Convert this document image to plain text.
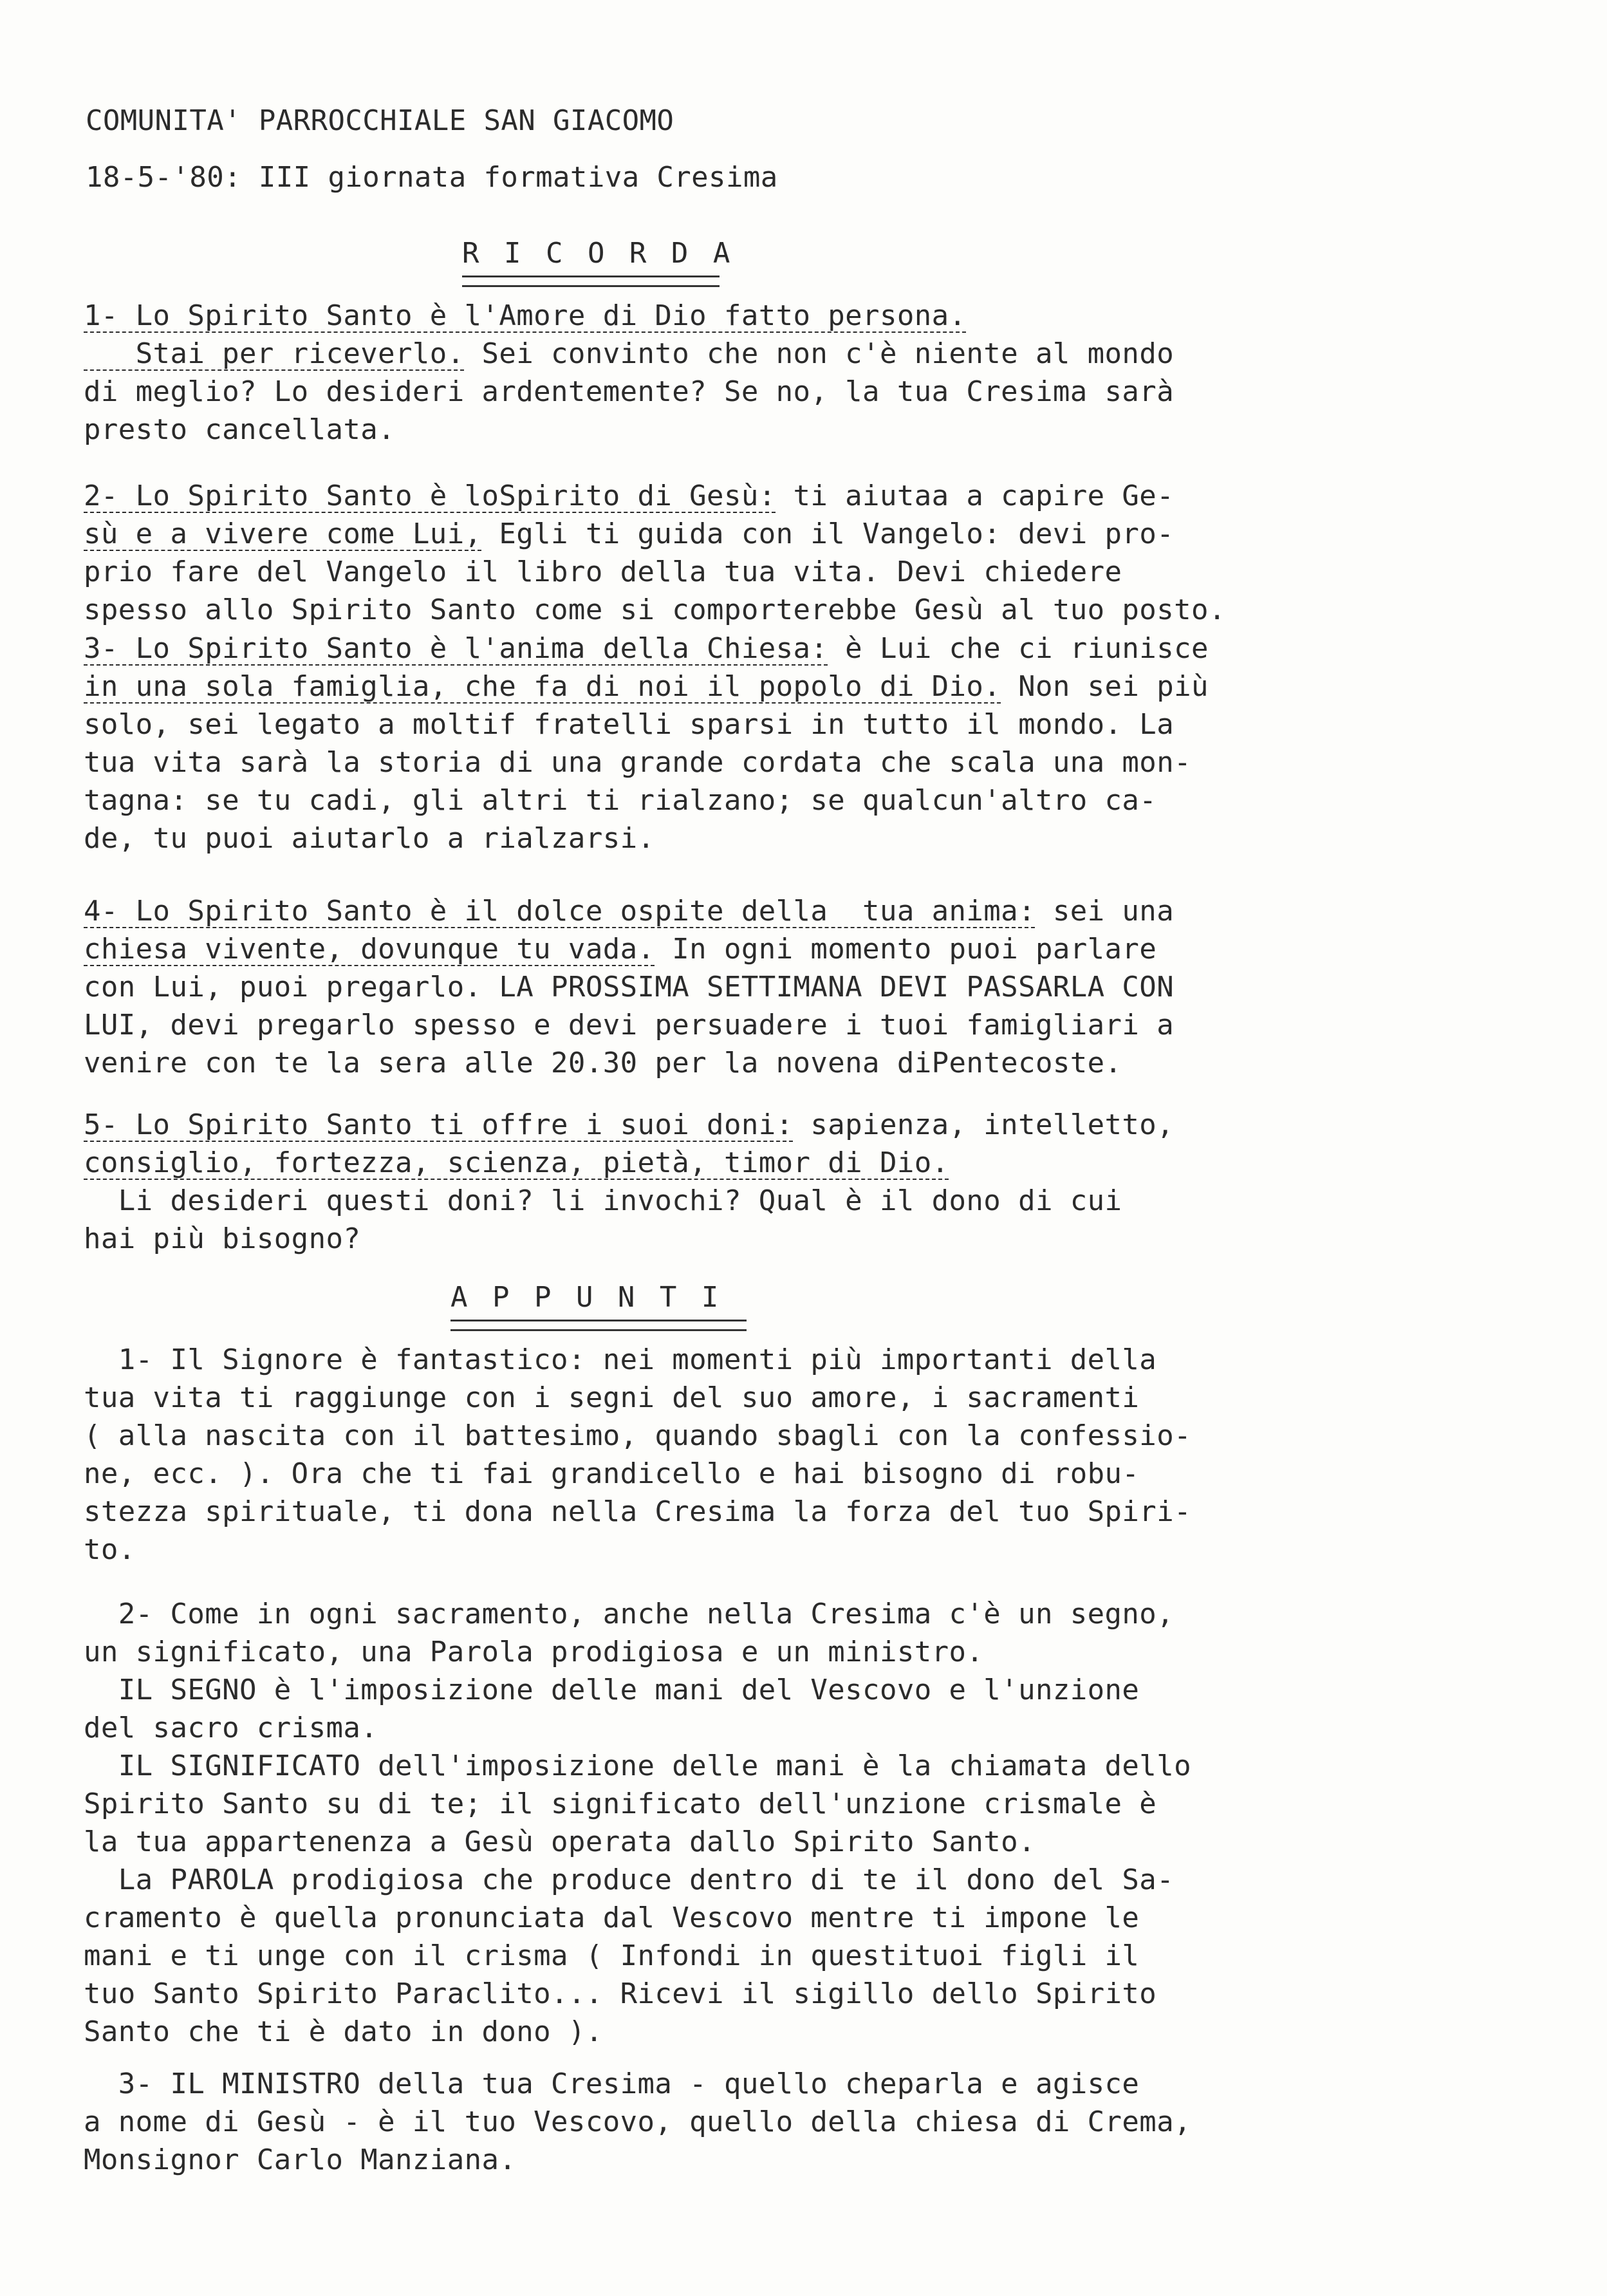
COMUNITA' PARROCCHIALE SAN GIACOMO
18-5-'80: III giornata formativa Cresima
R I C O R D A
1- Lo Spirito Santo è l'Amore di Dio fatto persona.
Stai per riceverlo. Sei convinto che non c'è niente al mondo
di meglio? Lo desideri ardentemente? Se no, la tua Cresima sarà
presto cancellata.
2- Lo Spirito Santo è loSpirito di Gesù: ti aiutaa a capire Ge-
sù e a vivere come Lui, Egli ti guida con il Vangelo: devi pro-
prio fare del Vangelo il libro della tua vita. Devi chiedere
spesso allo Spirito Santo come si comporterebbe Gesù al tuo posto.
3- Lo Spirito Santo è l'anima della Chiesa: è Lui che ci riunisce
in una sola famiglia, che fa di noi il popolo di Dio. Non sei più
solo, sei legato a moltif fratelli sparsi in tutto il mondo. La
tua vita sarà la storia di una grande cordata che scala una mon-
tagna: se tu cadi, gli altri ti rialzano; se qualcun'altro ca-
de, tu puoi aiutarlo a rialzarsi.
4- Lo Spirito Santo è il dolce ospite della  tua anima: sei una
chiesa vivente, dovunque tu vada. In ogni momento puoi parlare
con Lui, puoi pregarlo. LA PROSSIMA SETTIMANA DEVI PASSARLA CON
LUI, devi pregarlo spesso e devi persuadere i tuoi famigliari a
venire con te la sera alle 20.30 per la novena diPentecoste.
5- Lo Spirito Santo ti offre i suoi doni: sapienza, intelletto,
consiglio, fortezza, scienza, pietà, timor di Dio.
Li desideri questi doni? li invochi? Qual è il dono di cui
hai più bisogno?
A P P U N T I
1- Il Signore è fantastico: nei momenti più importanti della
tua vita ti raggiunge con i segni del suo amore, i sacramenti
( alla nascita con il battesimo, quando sbagli con la confessio-
ne, ecc. ). Ora che ti fai grandicello e hai bisogno di robu-
stezza spirituale, ti dona nella Cresima la forza del tuo Spiri-
to.
2- Come in ogni sacramento, anche nella Cresima c'è un segno,
un significato, una Parola prodigiosa e un ministro.
IL SEGNO è l'imposizione delle mani del Vescovo e l'unzione
del sacro crisma.
IL SIGNIFICATO dell'imposizione delle mani è la chiamata dello
Spirito Santo su di te; il significato dell'unzione crismale è
la tua appartenenza a Gesù operata dallo Spirito Santo.
La PAROLA prodigiosa che produce dentro di te il dono del Sa-
cramento è quella pronunciata dal Vescovo mentre ti impone le
mani e ti unge con il crisma ( Infondi in questituoi figli il
tuo Santo Spirito Paraclito... Ricevi il sigillo dello Spirito
Santo che ti è dato in dono ).
3- IL MINISTRO della tua Cresima - quello cheparla e agisce
a nome di Gesù - è il tuo Vescovo, quello della chiesa di Crema,
Monsignor Carlo Manziana.
